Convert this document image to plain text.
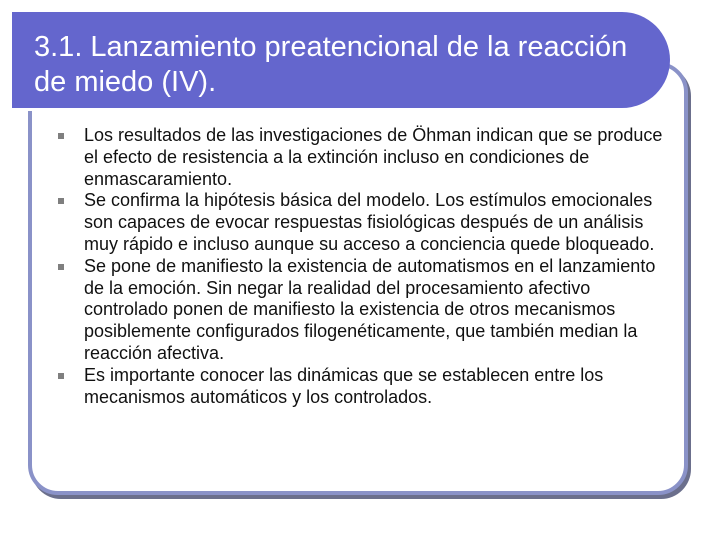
3.1. Lanzamiento preatencional de la reacción de miedo (IV).
Los resultados de las investigaciones de Öhman indican que se produce el efecto de resistencia a la extinción incluso en condiciones de enmascaramiento.
Se confirma la hipótesis básica del modelo. Los estímulos emocionales son capaces de evocar respuestas fisiológicas después de un análisis muy rápido e incluso aunque su acceso a conciencia quede bloqueado.
Se pone de manifiesto la existencia de automatismos en el lanzamiento de la emoción. Sin negar la realidad del procesamiento afectivo controlado ponen de manifiesto la existencia de otros mecanismos posiblemente configurados filogenéticamente, que también median la reacción afectiva.
Es importante conocer las dinámicas que se establecen entre los mecanismos automáticos y los controlados.
